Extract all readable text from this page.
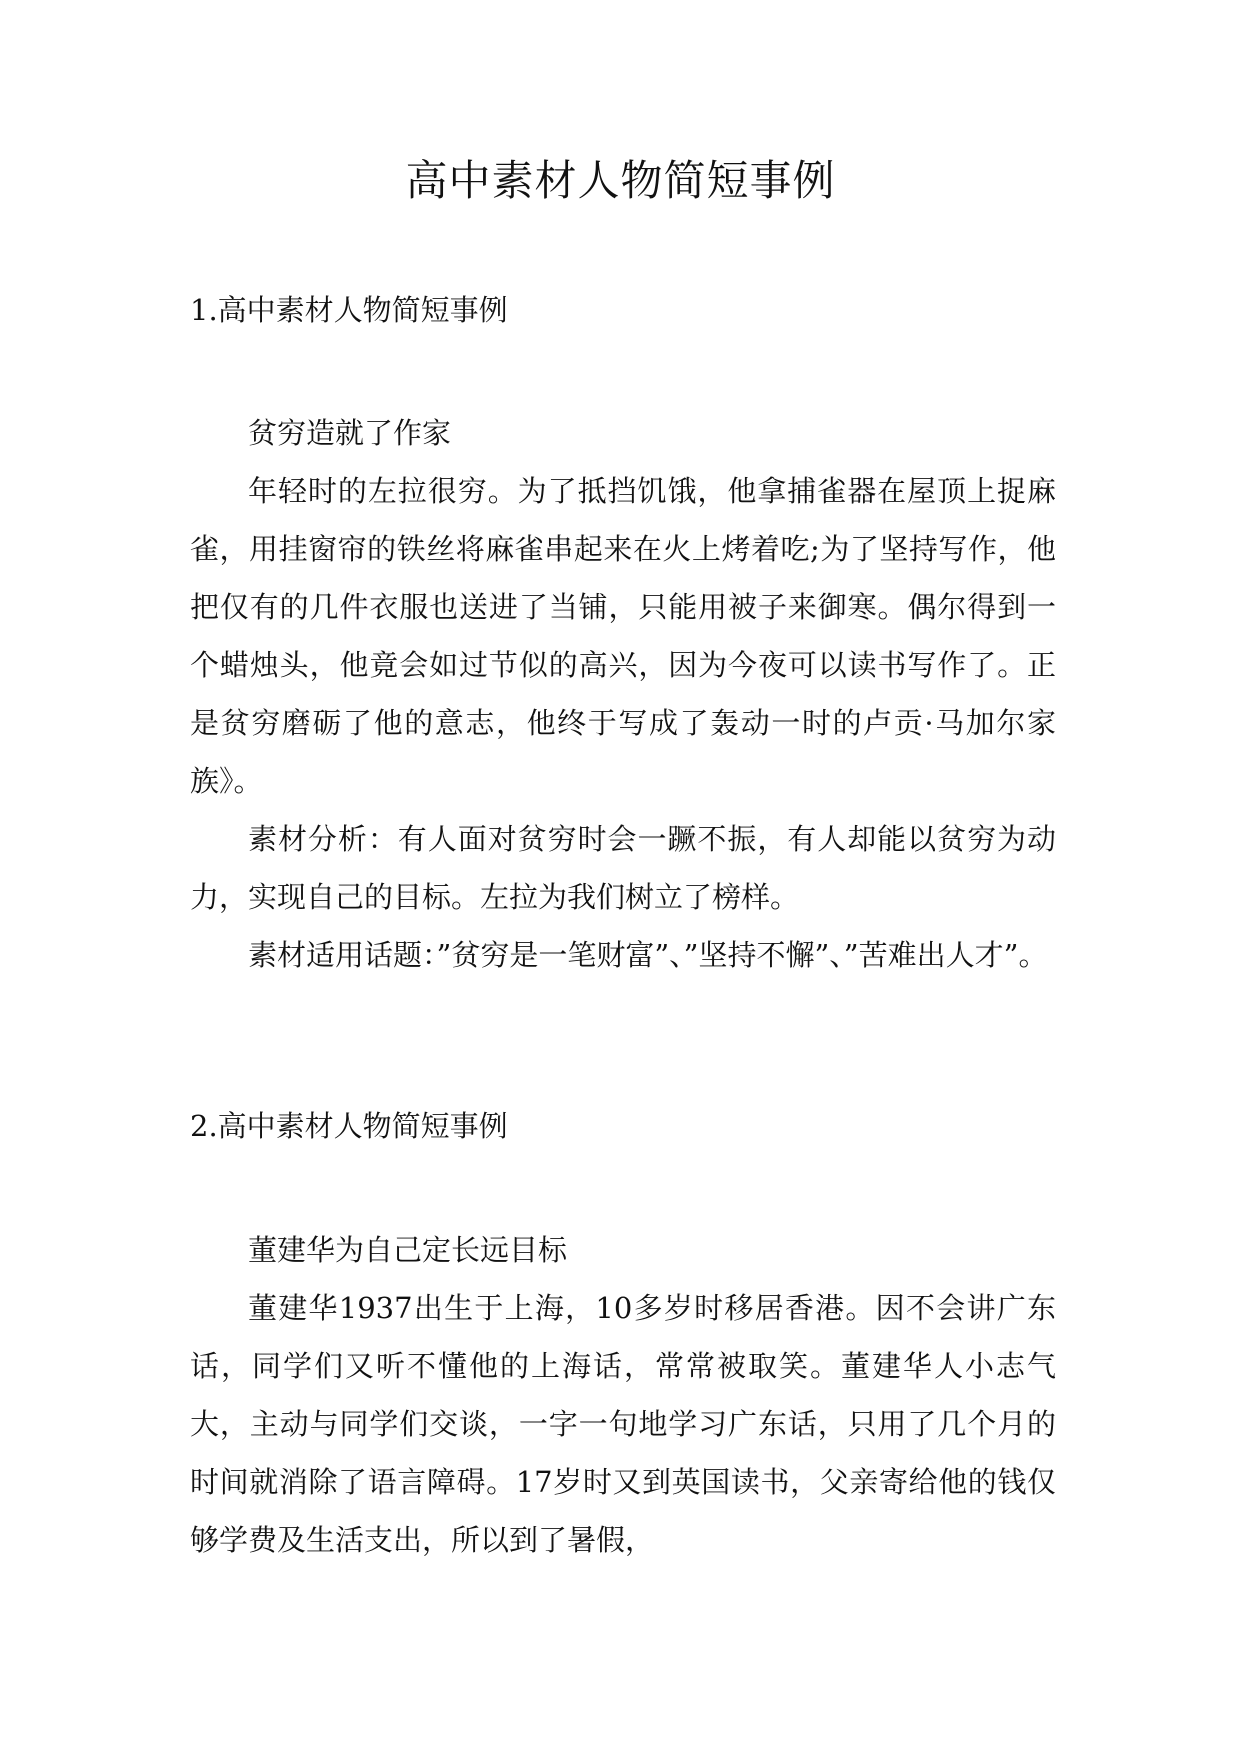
高中素材人物简短事例
1.高中素材人物简短事例

贫穷造就了作家

年轻时的左拉很穷。为了抵挡饥饿，他拿捕雀器在屋顶上捉麻雀，用挂窗帘的铁丝将麻雀串起来在火上烤着吃;为了坚持写作，他把仅有的几件衣服也送进了当铺，只能用被子来御寒。偶尔得到一个蜡烛头，他竟会如过节似的高兴，因为今夜可以读书写作了。正是贫穷磨砺了他的意志，他终于写成了轰动一时的卢贡·马加尔家族》。

素材分析：有人面对贫穷时会一蹶不振，有人却能以贫穷为动力，实现自己的目标。左拉为我们树立了榜样。

素材适用话题：”贫穷是一笔财富”、”坚持不懈”、”苦难出人才”。

2.高中素材人物简短事例

董建华为自己定长远目标

董建华1937出生于上海，10多岁时移居香港。因不会讲广东话，同学们又听不懂他的上海话，常常被取笑。董建华人小志气大，主动与同学们交谈，一字一句地学习广东话，只用了几个月的时间就消除了语言障碍。17岁时又到英国读书，父亲寄给他的钱仅够学费及生活支出，所以到了暑假，
